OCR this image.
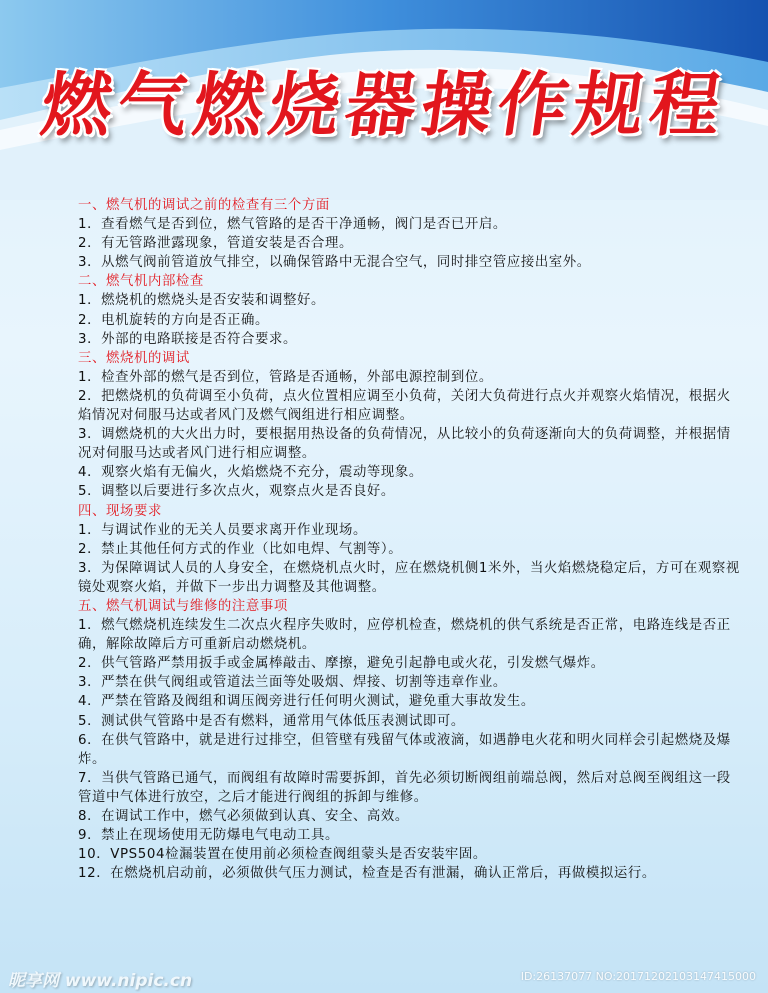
燃气燃烧器操作规程

一、燃气机的调试之前的检查有三个方面

1．查看燃气是否到位，燃气管路的是否干净通畅，阀门是否已开启。

2．有无管路泄露现象，管道安装是否合理。

3．从燃气阀前管道放气排空，以确保管路中无混合空气，同时排空管应接出室外。

二、燃气机内部检查

1．燃烧机的燃烧头是否安装和调整好。

2．电机旋转的方向是否正确。

3．外部的电路联接是否符合要求。

三、燃烧机的调试

1．检查外部的燃气是否到位，管路是否通畅，外部电源控制到位。

2．把燃烧机的负荷调至小负荷，点火位置相应调至小负荷，关闭大负荷进行点火并观察火焰情况，根据火焰情况对伺服马达或者风门及燃气阀组进行相应调整。

3．调燃烧机的大火出力时，要根据用热设备的负荷情况，从比较小的负荷逐渐向大的负荷调整，并根据情况对伺服马达或者风门进行相应调整。

4．观察火焰有无偏火，火焰燃烧不充分，震动等现象。

5．调整以后要进行多次点火，观察点火是否良好。

四、现场要求

1．与调试作业的无关人员要求离开作业现场。

2．禁止其他任何方式的作业（比如电焊、气割等）。

3．为保障调试人员的人身安全，在燃烧机点火时，应在燃烧机侧1米外，当火焰燃烧稳定后，方可在观察视镜处观察火焰，并做下一步出力调整及其他调整。

五、燃气机调试与维修的注意事项

1．燃气燃烧机连续发生二次点火程序失败时，应停机检查，燃烧机的供气系统是否正常，电路连线是否正确，解除故障后方可重新启动燃烧机。

2．供气管路严禁用扳手或金属棒敲击、摩擦，避免引起静电或火花，引发燃气爆炸。

3．严禁在供气阀组或管道法兰面等处吸烟、焊接、切割等违章作业。

4．严禁在管路及阀组和调压阀旁进行任何明火测试，避免重大事故发生。

5．测试供气管路中是否有燃料，通常用气体低压表测试即可。

6．在供气管路中，就是进行过排空，但管壁有残留气体或液滴，如遇静电火花和明火同样会引起燃烧及爆炸。

7．当供气管路已通气，而阀组有故障时需要拆卸，首先必须切断阀组前端总阀，然后对总阀至阀组这一段管道中气体进行放空，之后才能进行阀组的拆卸与维修。

8．在调试工作中，燃气必须做到认真、安全、高效。

9．禁止在现场使用无防爆电气电动工具。

10．VPS504检漏装置在使用前必须检查阀组蒙头是否安装牢固。

12．在燃烧机启动前，必须做供气压力测试，检查是否有泄漏，确认正常后，再做模拟运行。

昵享网 www.nipic.cn	ID:26137077 NO:20171202103147415000
